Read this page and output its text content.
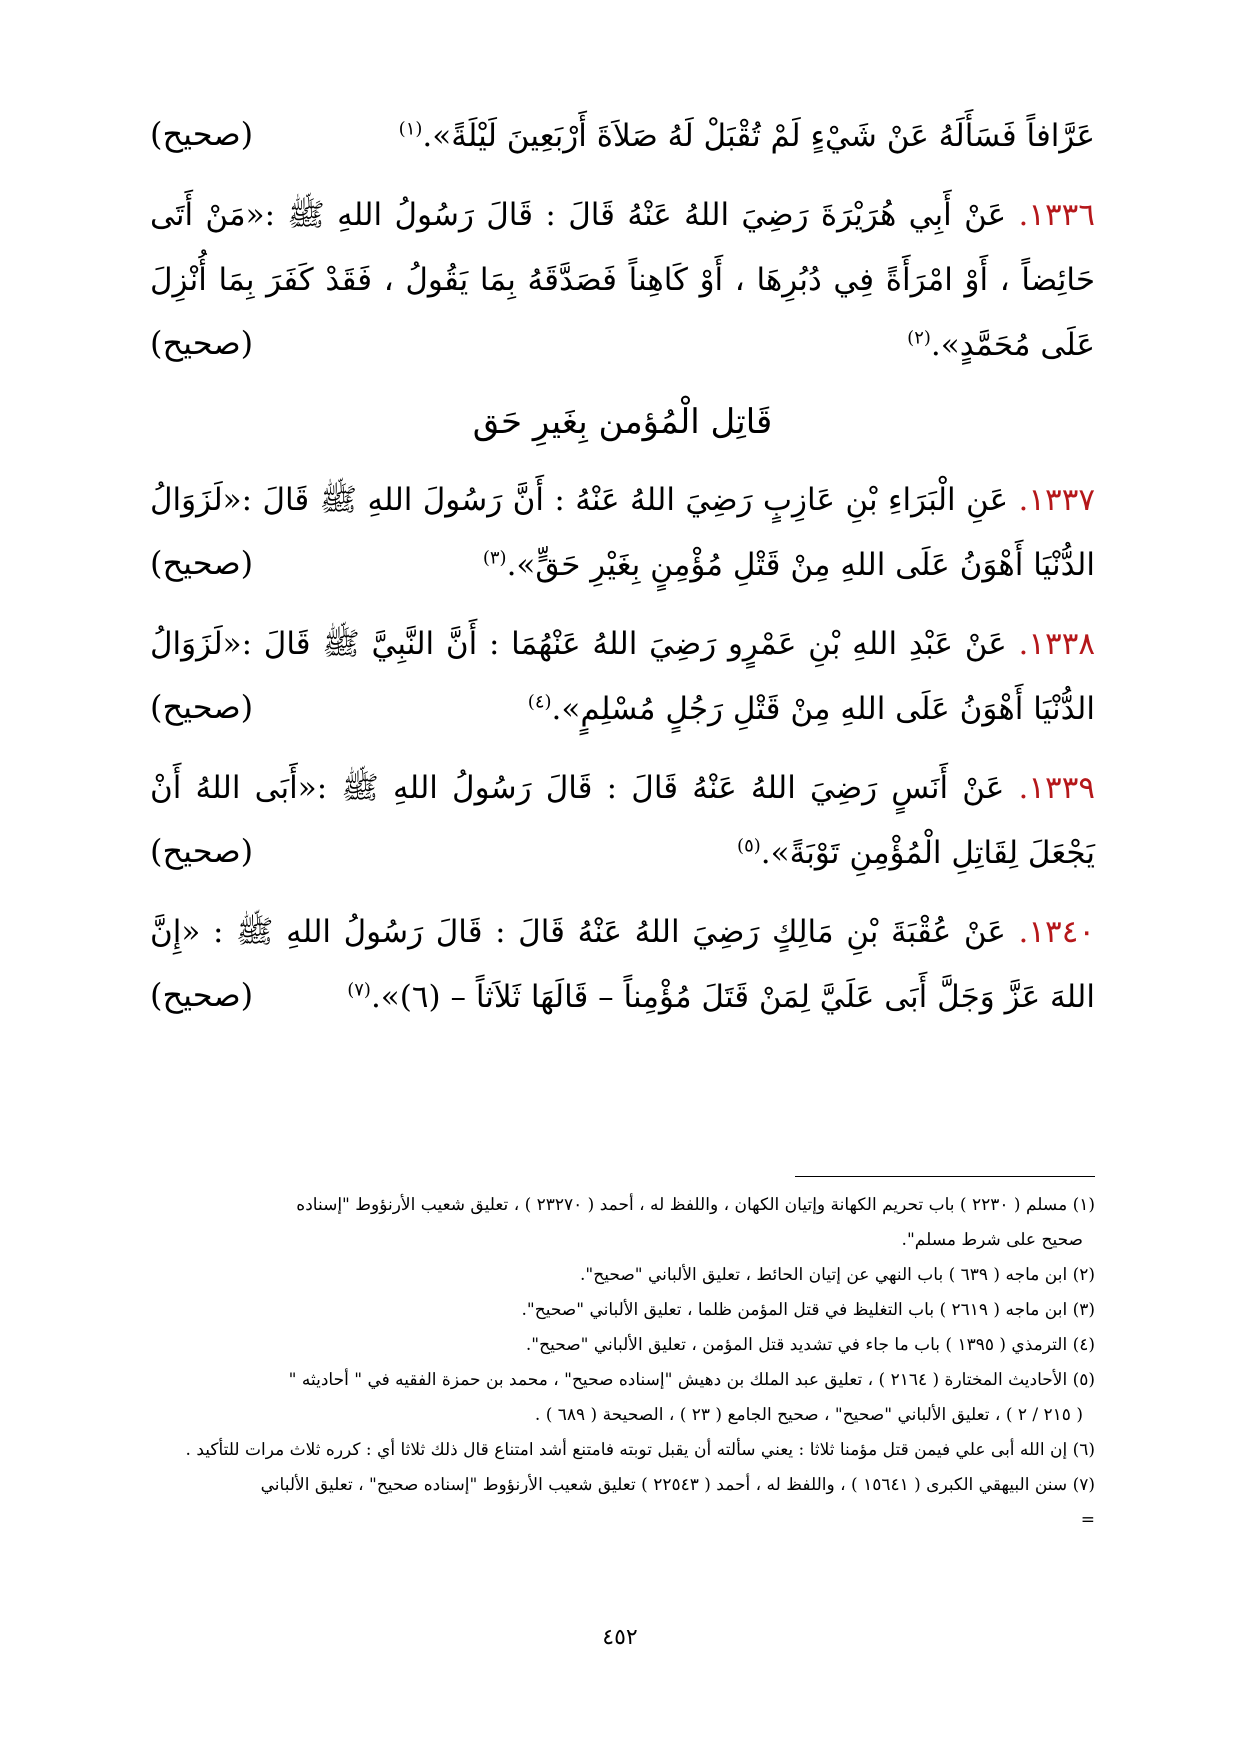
عَرَّافاً فَسَأَلَهُ عَنْ شَيْءٍ لَمْ تُقْبَلْ لَهُ صَلاَةَ أَرْبَعِينَ لَيْلَةً».$^{(١)}$
(صحيح)

١٣٣٦. عَنْ أَبِي هُرَيْرَةَ رَضِيَ اللهُ عَنْهُ قَالَ : قَالَ رَسُولُ اللهِ ﷺ :«مَنْ أَتَى حَائِضاً ، أَوْ امْرَأَةً فِي دُبُرِهَا ، أَوْ كَاهِناً فَصَدَّقَهُ بِمَا يَقُولُ ، فَقَدْ كَفَرَ بِمَا أُنْزِلَ عَلَى مُحَمَّدٍ».$^{(٢)}$
(صحيح)

قَاتِل الْمُؤمن بِغَيرِ حَق

١٣٣٧. عَنِ الْبَرَاءِ بْنِ عَازِبٍ رَضِيَ اللهُ عَنْهُ : أَنَّ رَسُولَ اللهِ ﷺ قَالَ :«لَزَوَالُ الدُّنْيَا أَهْوَنُ عَلَى اللهِ مِنْ قَتْلِ مُؤْمِنٍ بِغَيْرِ حَقٍّ».$^{(٣)}$
(صحيح)

١٣٣٨. عَنْ عَبْدِ اللهِ بْنِ عَمْرٍو رَضِيَ اللهُ عَنْهُمَا : أَنَّ النَّبِيَّ ﷺ قَالَ :«لَزَوَالُ الدُّنْيَا أَهْوَنُ عَلَى اللهِ مِنْ قَتْلِ رَجُلٍ مُسْلِمٍ».$^{(٤)}$
(صحيح)

١٣٣٩. عَنْ أَنَسٍ رَضِيَ اللهُ عَنْهُ قَالَ : قَالَ رَسُولُ اللهِ ﷺ :«أَبَى اللهُ أَنْ يَجْعَلَ لِقَاتِلِ الْمُؤْمِنِ تَوْبَةً».$^{(٥)}$
(صحيح)

١٣٤٠. عَنْ عُقْبَةَ بْنِ مَالِكٍ رَضِيَ اللهُ عَنْهُ قَالَ : قَالَ رَسُولُ اللهِ ﷺ : «إِنَّ اللهَ عَزَّ وَجَلَّ أَبَى عَلَيَّ لِمَنْ قَتَلَ مُؤْمِناً – قَالَهَا ثَلاَثاً – (٦)».$^{(٧)}$
(صحيح)

(١) مسلم ( ٢٢٣٠ ) باب تحريم الكهانة وإتيان الكهان ، واللفظ له ، أحمد ( ٢٣٢٧٠ ) ، تعليق شعيب الأرنؤوط "إسناده

صحيح على شرط مسلم".

(٢) ابن ماجه ( ٦٣٩ ) باب النهي عن إتيان الحائط ، تعليق الألباني "صحيح".

(٣) ابن ماجه ( ٢٦١٩ ) باب التغليظ في قتل المؤمن ظلما ، تعليق الألباني "صحيح".

(٤) الترمذي ( ١٣٩٥ ) باب ما جاء في تشديد قتل المؤمن ، تعليق الألباني "صحيح".

(٥) الأحاديث المختارة ( ٢١٦٤ ) ، تعليق عبد الملك بن دهيش "إسناده صحيح" ، محمد بن حمزة الفقيه في " أحاديثه "

( ٢١٥ / ٢ ) ، تعليق الألباني "صحيح" ، صحيح الجامع ( ٢٣ ) ، الصحيحة ( ٦٨٩ ) .

(٦) إن الله أبى علي فيمن قتل مؤمنا ثلاثا : يعني سألته أن يقبل توبته فامتنع أشد امتناع قال ذلك ثلاثا أي : كرره ثلاث مرات للتأكيد .

(٧) سنن البيهقي الكبرى ( ١٥٦٤١ ) ، واللفظ له ، أحمد ( ٢٢٥٤٣ ) تعليق شعيب الأرنؤوط "إسناده صحيح" ، تعليق الألباني

=

٤٥٢
